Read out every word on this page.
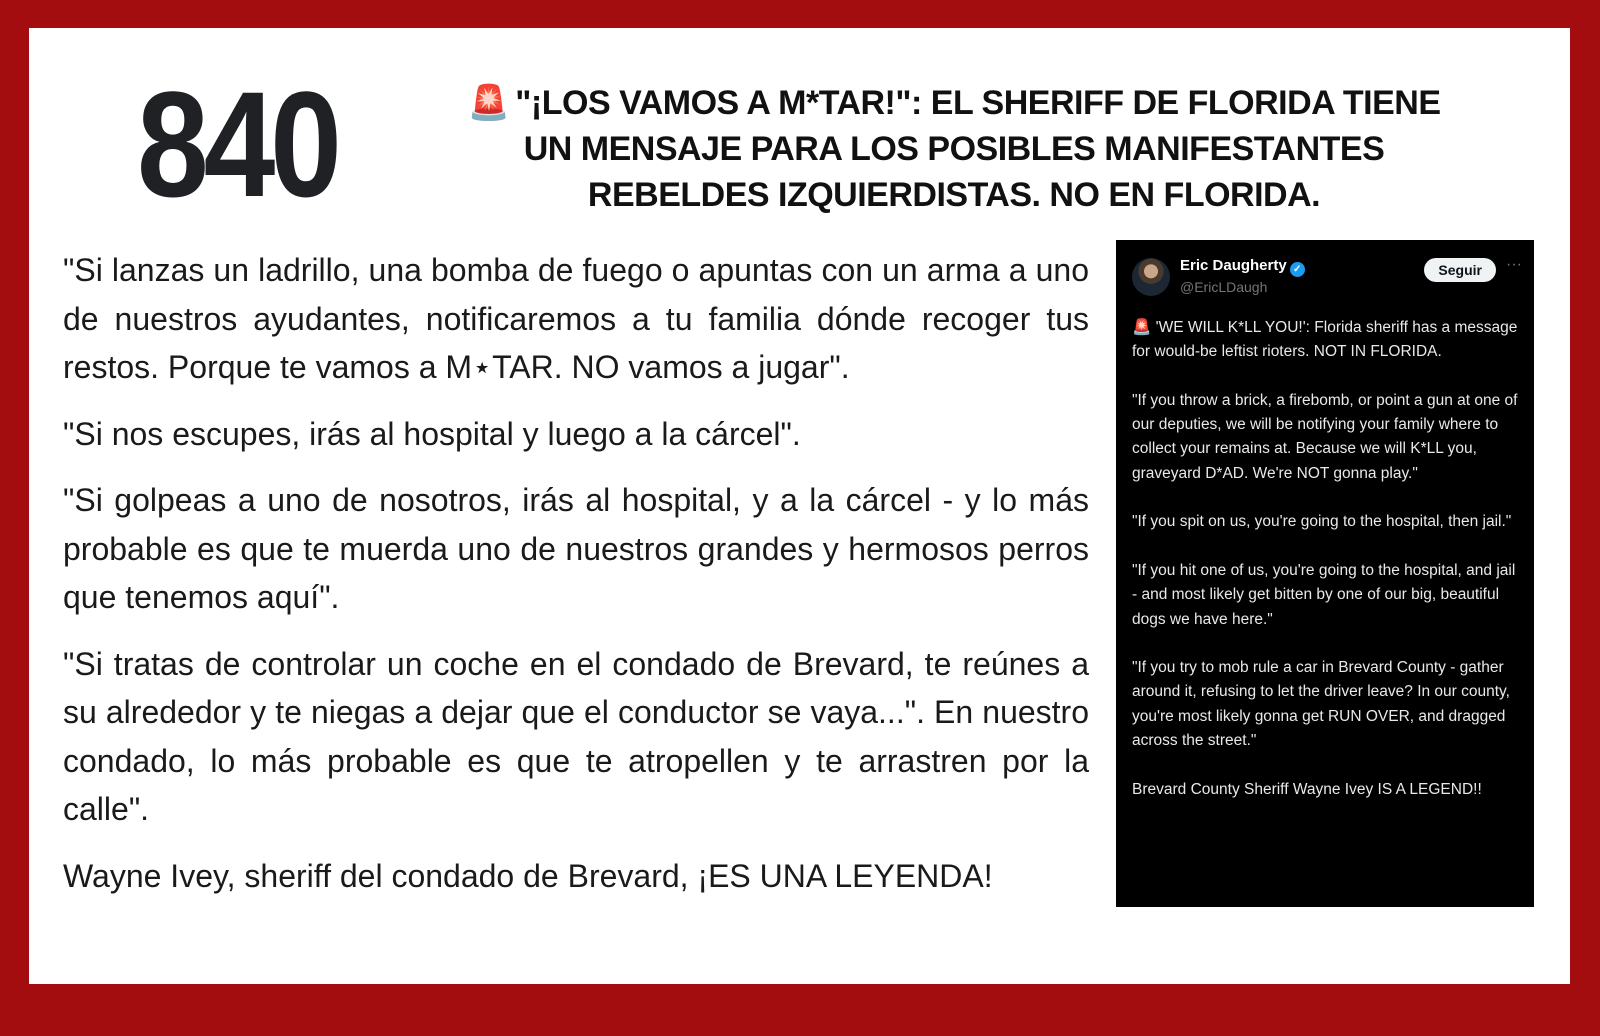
840	🚨 "¡LOS VAMOS A M*TAR!": EL SHERIFF DE FLORIDA TIENE UN MENSAJE PARA LOS POSIBLES MANIFESTANTES REBELDES IZQUIERDISTAS. NO EN FLORIDA.

"Si lanzas un ladrillo, una bomba de fuego o apuntas con un arma a uno de nuestros ayudantes, notificaremos a tu familia dónde recoger tus restos. Porque te vamos a M⋆TAR. NO vamos a jugar".

"Si nos escupes, irás al hospital y luego a la cárcel".

"Si golpeas a uno de nosotros, irás al hospital, y a la cárcel - y lo más probable es que te muerda uno de nuestros grandes y hermosos perros que tenemos aquí".

"Si tratas de controlar un coche en el condado de Brevard, te reúnes a su alrededor y te niegas a dejar que el conductor se vaya...". En nuestro condado, lo más probable es que te atropellen y te arrastren por la calle".

Wayne Ivey, sheriff del condado de Brevard, ¡ES UNA LEYENDA!

Eric Daugherty ✓
@EricLDaugh
Seguir	···

🚨 'WE WILL K*LL YOU!': Florida sheriff has a message for would-be leftist rioters. NOT IN FLORIDA.

"If you throw a brick, a firebomb, or point a gun at one of our deputies, we will be notifying your family where to collect your remains at. Because we will K*LL you, graveyard D*AD. We're NOT gonna play."

"If you spit on us, you're going to the hospital, then jail."

"If you hit one of us, you're going to the hospital, and jail - and most likely get bitten by one of our big, beautiful dogs we have here."

"If you try to mob rule a car in Brevard County - gather around it, refusing to let the driver leave? In our county, you're most likely gonna get RUN OVER, and dragged across the street."

Brevard County Sheriff Wayne Ivey IS A LEGEND!!
